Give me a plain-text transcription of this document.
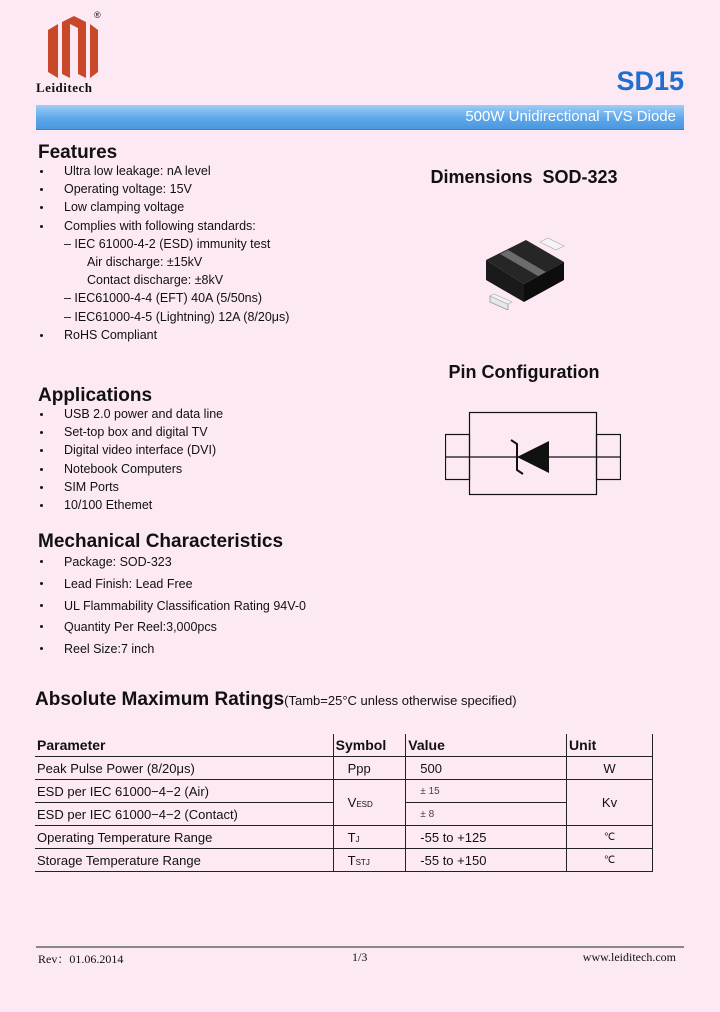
®
Leiditech	SD15
500W Unidirectional TVS Diode
Features
Ultra low leakage: nA level
Operating voltage: 15V
Low clamping voltage
Complies with following standards:
– IEC 61000-4-2 (ESD) immunity test
Air discharge: ±15kV
Contact discharge: ±8kV
– IEC61000-4-4 (EFT) 40A (5/50ns)
– IEC61000-4-5 (Lightning) 12A (8/20μs)
RoHS Compliant
Dimensions  SOD-323
Pin Configuration
Applications
USB 2.0 power and data line
Set-top box and digital TV
Digital video interface (DVI)
Notebook Computers
SIM Ports
10/100 Ethemet
Mechanical Characteristics
Package: SOD-323
Lead Finish: Lead Free
UL Flammability Classification Rating 94V-0
Quantity Per Reel:3,000pcs
Reel Size:7 inch
Absolute Maximum Ratings(Tamb=25°C unless otherwise specified)
Parameter	Symbol	Value	Unit
Peak Pulse Power (8/20μs)	Ppp	500	W
ESD per IEC 61000−4−2 (Air)	VESD	± 15	Kv
ESD per IEC 61000−4−2 (Contact)		± 8	
Operating Temperature Range	TJ	-55 to +125	℃
Storage Temperature Range	TSTJ	-55 to +150	℃
Rev：01.06.2014	1/3	www.leiditech.com
